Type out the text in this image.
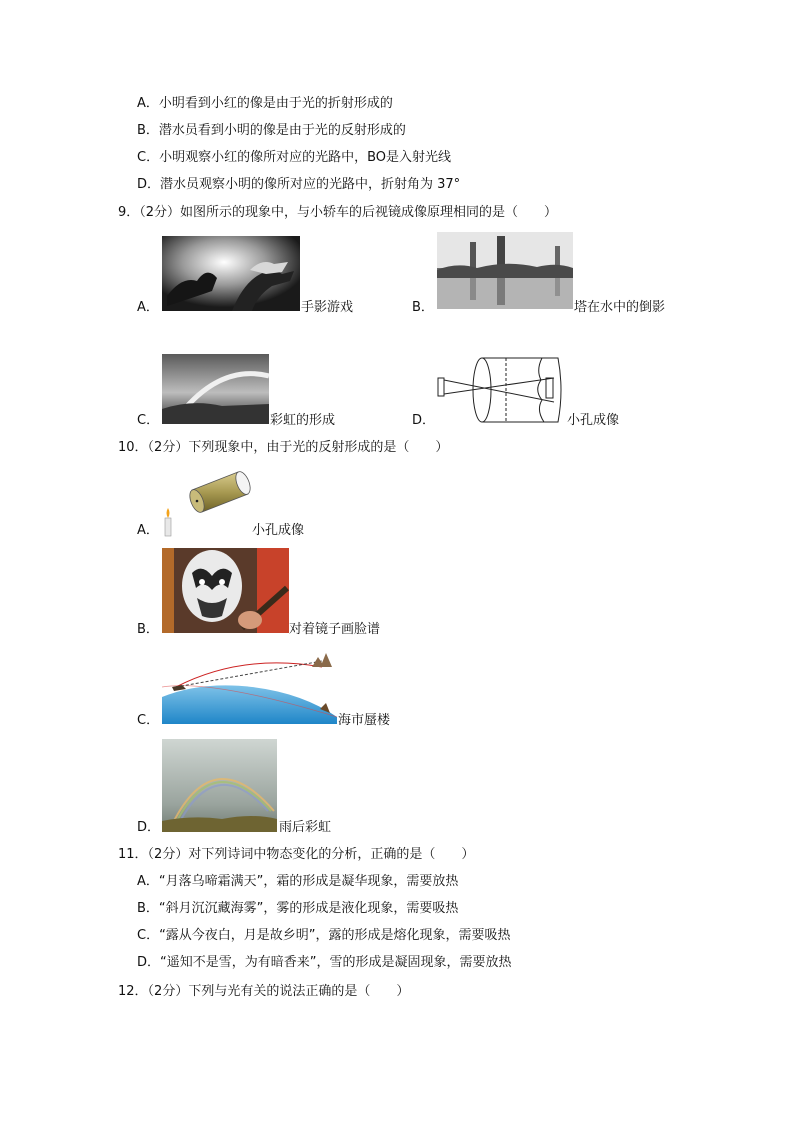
A．小明看到小红的像是由于光的折射形成的
B．潜水员看到小明的像是由于光的反射形成的
C．小明观察小红的像所对应的光路中，BO是入射光线
D．潜水员观察小明的像所对应的光路中，折射角为 37°
9．（2分）如图所示的现象中，与小轿车的后视镜成像原理相同的是（　　）
A．	手影游戏	B．	塔在水中的倒影
C．	彩虹的形成	D．	小孔成像
10．（2分）下列现象中，由于光的反射形成的是（　　）
A．	小孔成像
B．	对着镜子画脸谱
C．	海市蜃楼
D．	雨后彩虹
11．（2分）对下列诗词中物态变化的分析，正确的是（　　）
A．“月落乌啼霜满天”，霜的形成是凝华现象，需要放热
B．“斜月沉沉藏海雾”，雾的形成是液化现象，需要吸热
C．“露从今夜白，月是故乡明”，露的形成是熔化现象，需要吸热
D．“遥知不是雪，为有暗香来”，雪的形成是凝固现象，需要放热
12．（2分）下列与光有关的说法正确的是（　　）
